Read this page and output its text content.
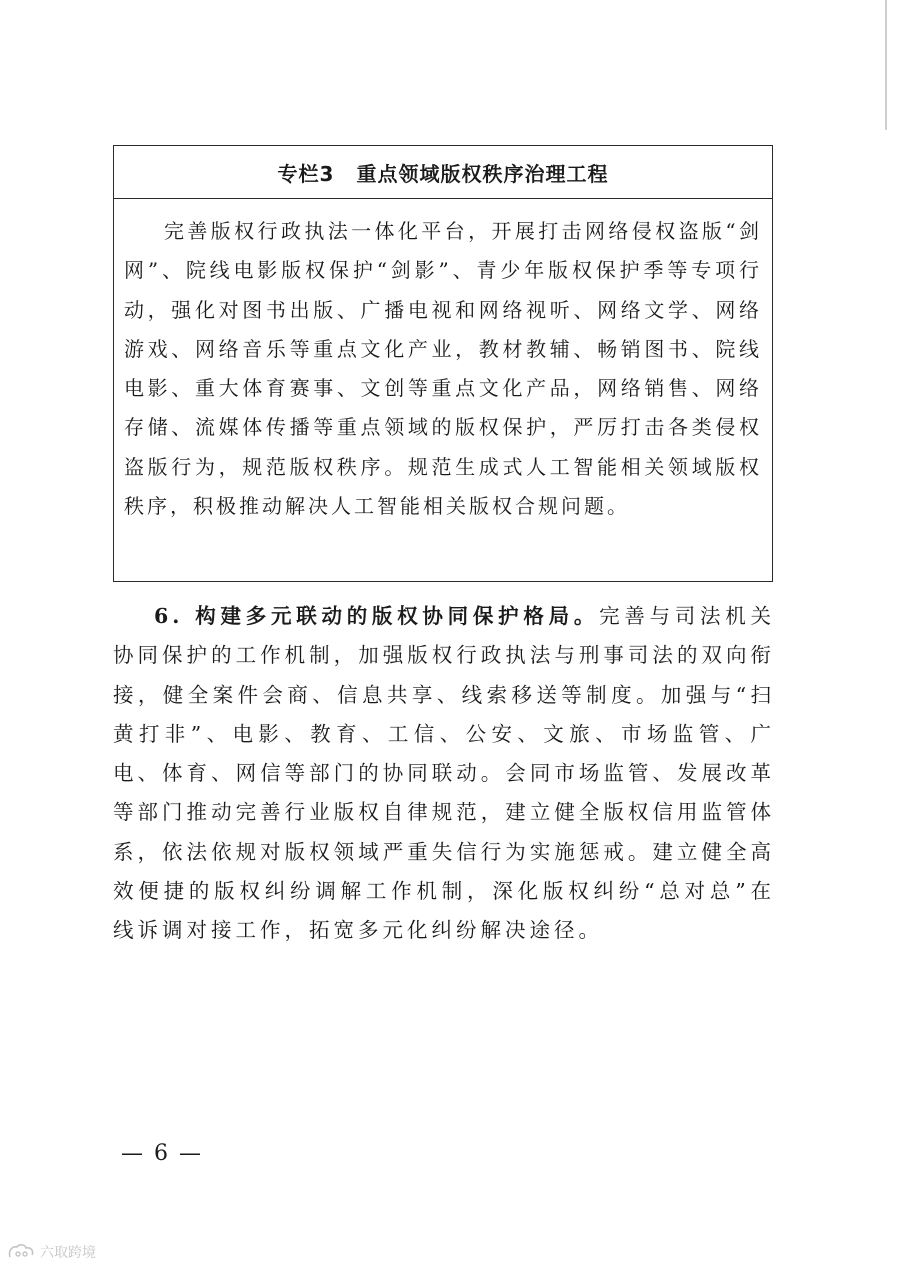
专栏3	重点领域版权秩序治理工程
完善版权行政执法一体化平台，开展打击网络侵权盗版“剑网”、院线电影版权保护“剑影”、青少年版权保护季等专项行动，强化对图书出版、广播电视和网络视听、网络文学、网络游戏、网络音乐等重点文化产业，教材教辅、畅销图书、院线电影、重大体育赛事、文创等重点文化产品，网络销售、网络存储、流媒体传播等重点领域的版权保护，严厉打击各类侵权盗版行为，规范版权秩序。规范生成式人工智能相关领域版权秩序，积极推动解决人工智能相关版权合规问题。
6. 构建多元联动的版权协同保护格局。完善与司法机关协同保护的工作机制，加强版权行政执法与刑事司法的双向衔接，健全案件会商、信息共享、线索移送等制度。加强与“扫黄打非”、电影、教育、工信、公安、文旅、市场监管、广电、体育、网信等部门的协同联动。会同市场监管、发展改革等部门推动完善行业版权自律规范，建立健全版权信用监管体系，依法依规对版权领域严重失信行为实施惩戒。建立健全高效便捷的版权纠纷调解工作机制，深化版权纠纷“总对总”在线诉调对接工作，拓宽多元化纠纷解决途径。
— 6 —
六取跨境
